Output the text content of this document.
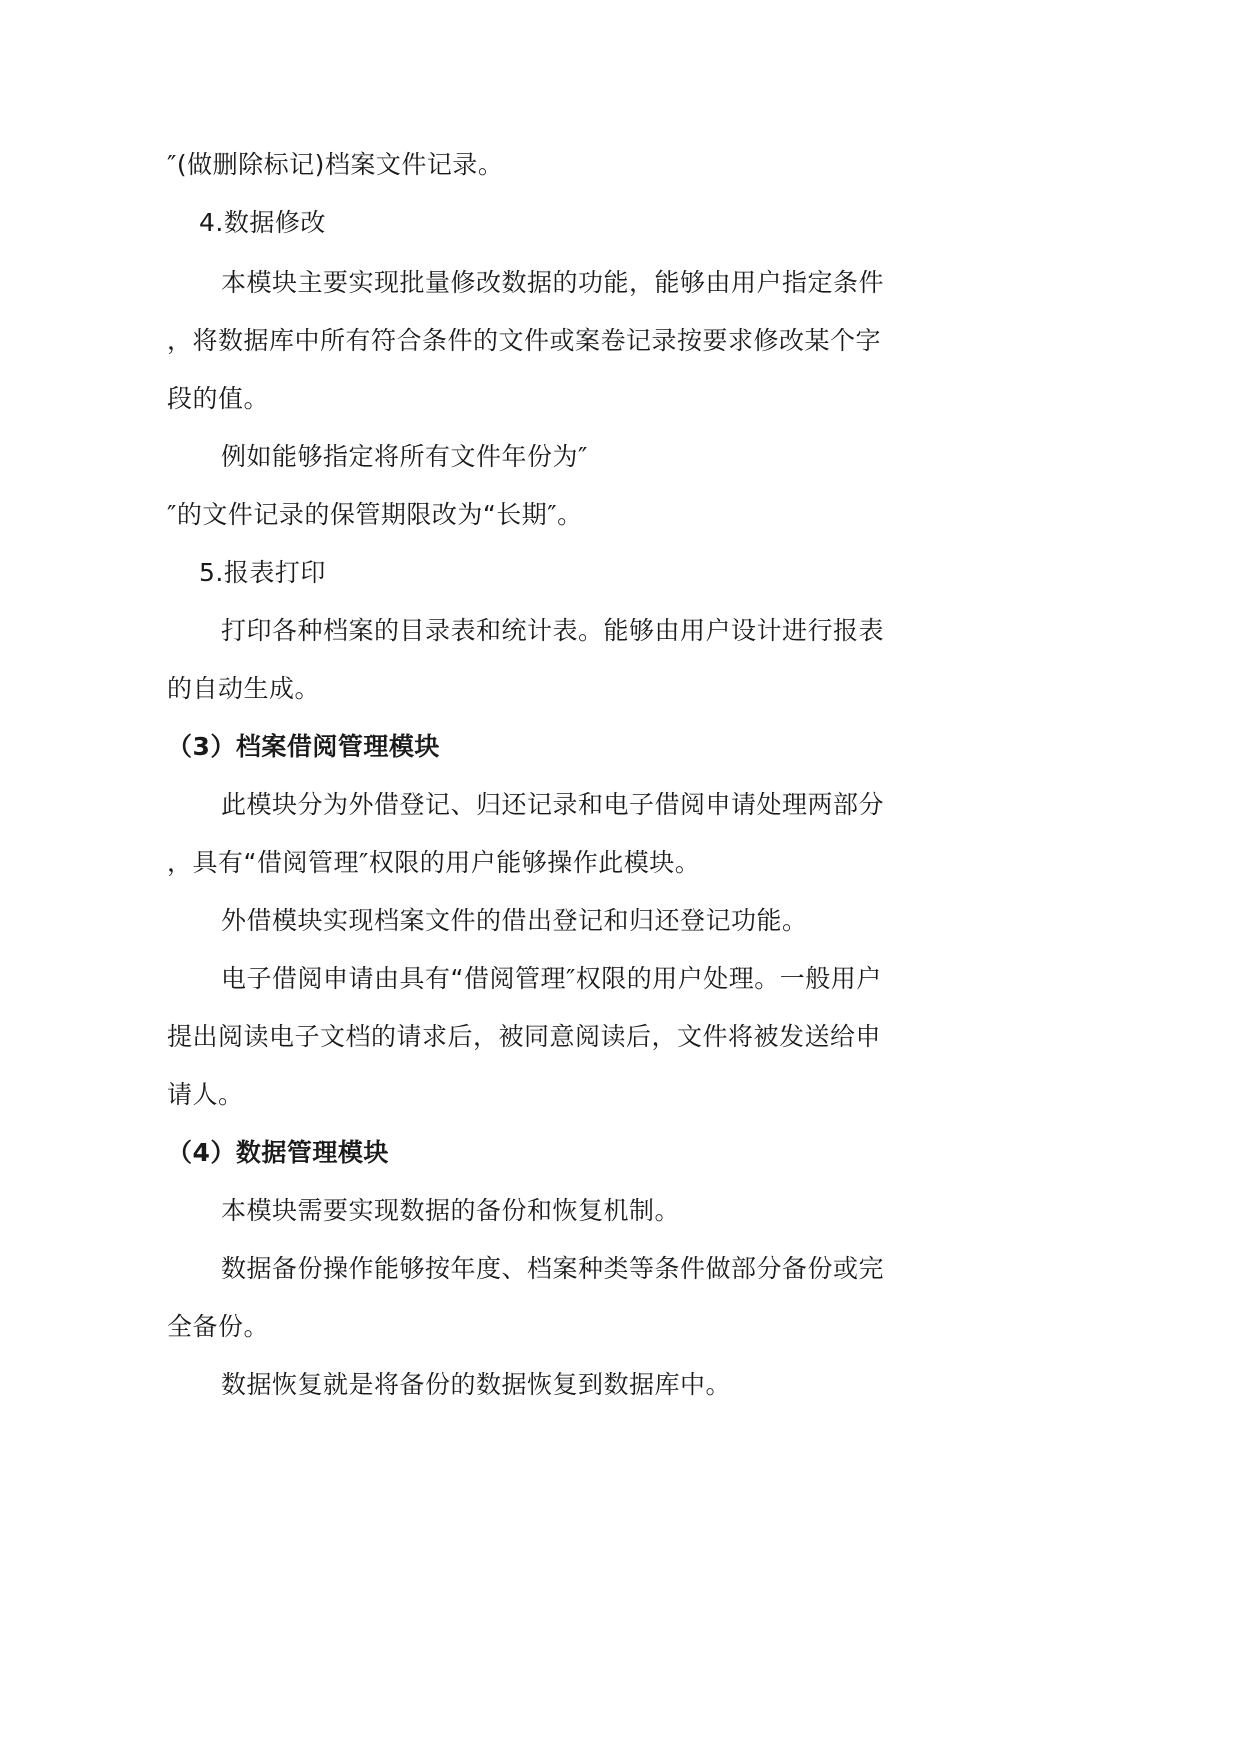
″(做删除标记)档案文件记录。
4.数据修改
本模块主要实现批量修改数据的功能，能够由用户指定条件
，将数据库中所有符合条件的文件或案卷记录按要求修改某个字
段的值。
例如能够指定将所有文件年份为″
″的文件记录的保管期限改为“长期″。
5.报表打印
打印各种档案的目录表和统计表。能够由用户设计进行报表
的自动生成。
（3）档案借阅管理模块
此模块分为外借登记、归还记录和电子借阅申请处理两部分
，具有“借阅管理″权限的用户能够操作此模块。
外借模块实现档案文件的借出登记和归还登记功能。
电子借阅申请由具有“借阅管理″权限的用户处理。一般用户
提出阅读电子文档的请求后，被同意阅读后，文件将被发送给申
请人。
（4）数据管理模块
本模块需要实现数据的备份和恢复机制。
数据备份操作能够按年度、档案种类等条件做部分备份或完
全备份。
数据恢复就是将备份的数据恢复到数据库中。
